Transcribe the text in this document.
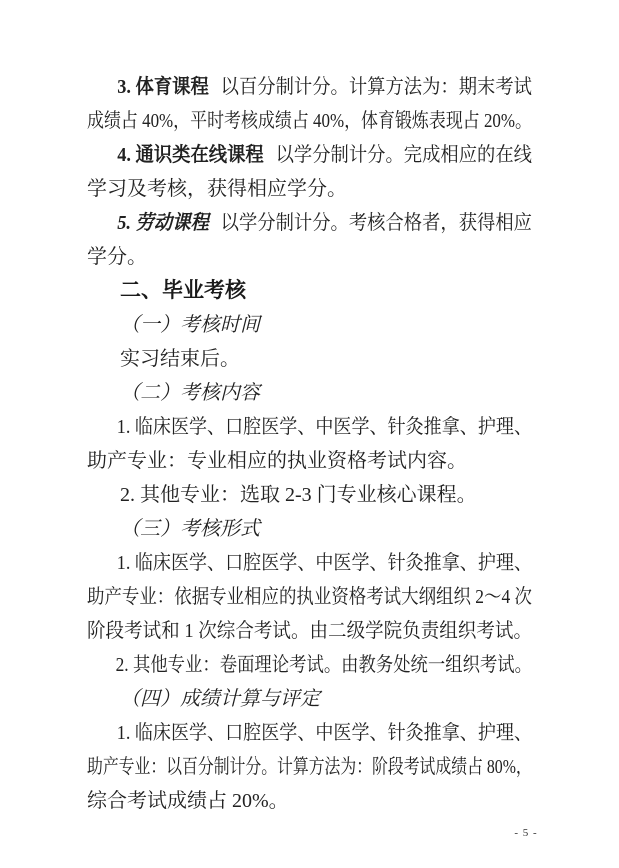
3. 体育课程 以百分制计分。计算方法为：期末考试
成绩占 40%，平时考核成绩占 40%，体育锻炼表现占 20%。
4. 通识类在线课程 以学分制计分。完成相应的在线
学习及考核，获得相应学分。
5. 劳动课程 以学分制计分。考核合格者，获得相应
学分。
二、毕业考核
（一）考核时间
实习结束后。
（二）考核内容
1. 临床医学、口腔医学、中医学、针灸推拿、护理、
助产专业：专业相应的执业资格考试内容。
2. 其他专业：选取 2-3 门专业核心课程。
（三）考核形式
1. 临床医学、口腔医学、中医学、针灸推拿、护理、
助产专业：依据专业相应的执业资格考试大纲组织 2～4 次
阶段考试和 1 次综合考试。由二级学院负责组织考试。
2. 其他专业：卷面理论考试。由教务处统一组织考试。
（四）成绩计算与评定
1. 临床医学、口腔医学、中医学、针灸推拿、护理、
助产专业：以百分制计分。计算方法为：阶段考试成绩占 80%，
综合考试成绩占 20%。
- 5 -
